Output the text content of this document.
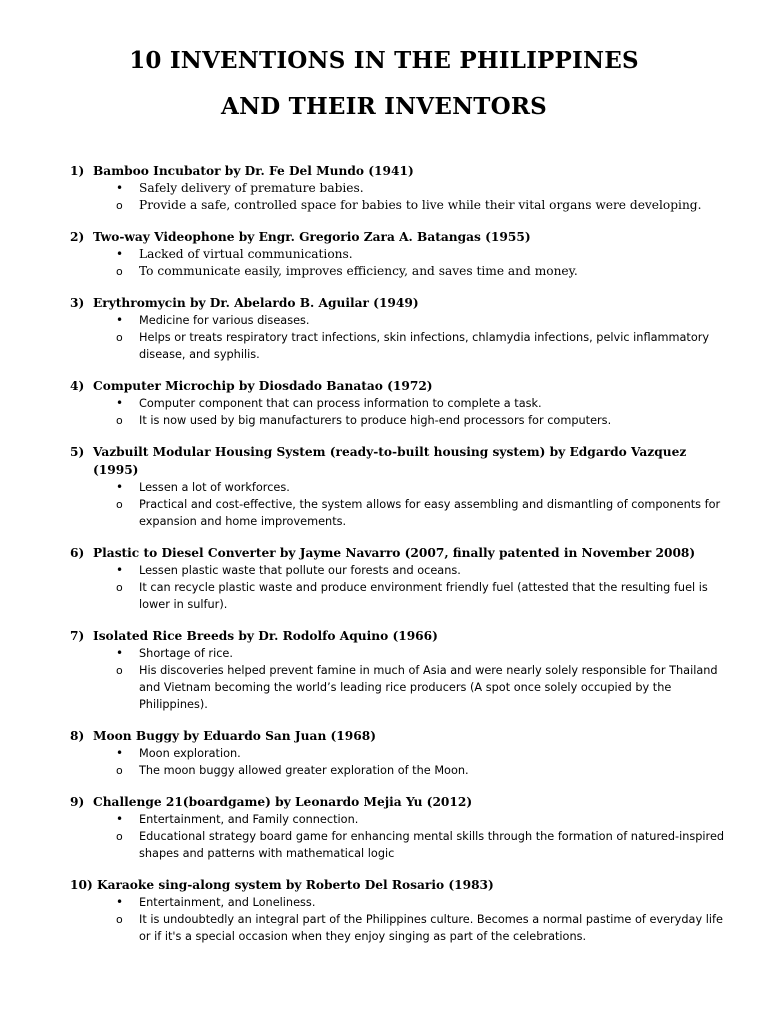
10 INVENTIONS IN THE PHILIPPINES
AND THEIR INVENTORS
1) Bamboo Incubator by Dr. Fe Del Mundo (1941)
• Safely delivery of premature babies.
o Provide a safe, controlled space for babies to live while their vital organs were developing.
2) Two-way Videophone by Engr. Gregorio Zara A. Batangas (1955)
• Lacked of virtual communications.
o To communicate easily, improves efficiency, and saves time and money.
3) Erythromycin by Dr. Abelardo B. Aguilar (1949)
• Medicine for various diseases.
o Helps or treats respiratory tract infections, skin infections, chlamydia infections, pelvic inflammatory disease, and syphilis.
4) Computer Microchip by Diosdado Banatao (1972)
• Computer component that can process information to complete a task.
o It is now used by big manufacturers to produce high-end processors for computers.
5) Vazbuilt Modular Housing System (ready-to-built housing system) by Edgardo Vazquez (1995)
• Lessen a lot of workforces.
o Practical and cost-effective, the system allows for easy assembling and dismantling of components for expansion and home improvements.
6) Plastic to Diesel Converter by Jayme Navarro (2007, finally patented in November 2008)
• Lessen plastic waste that pollute our forests and oceans.
o It can recycle plastic waste and produce environment friendly fuel (attested that the resulting fuel is lower in sulfur).
7) Isolated Rice Breeds by Dr. Rodolfo Aquino (1966)
• Shortage of rice.
o His discoveries helped prevent famine in much of Asia and were nearly solely responsible for Thailand and Vietnam becoming the world’s leading rice producers (A spot once solely occupied by the Philippines).
8) Moon Buggy by Eduardo San Juan (1968)
• Moon exploration.
o The moon buggy allowed greater exploration of the Moon.
9) Challenge 21(boardgame) by Leonardo Mejia Yu (2012)
• Entertainment, and Family connection.
o Educational strategy board game for enhancing mental skills through the formation of natured-inspired shapes and patterns with mathematical logic
10) Karaoke sing-along system by Roberto Del Rosario (1983)
• Entertainment, and Loneliness.
o It is undoubtedly an integral part of the Philippines culture. Becomes a normal pastime of everyday life or if it's a special occasion when they enjoy singing as part of the celebrations.
